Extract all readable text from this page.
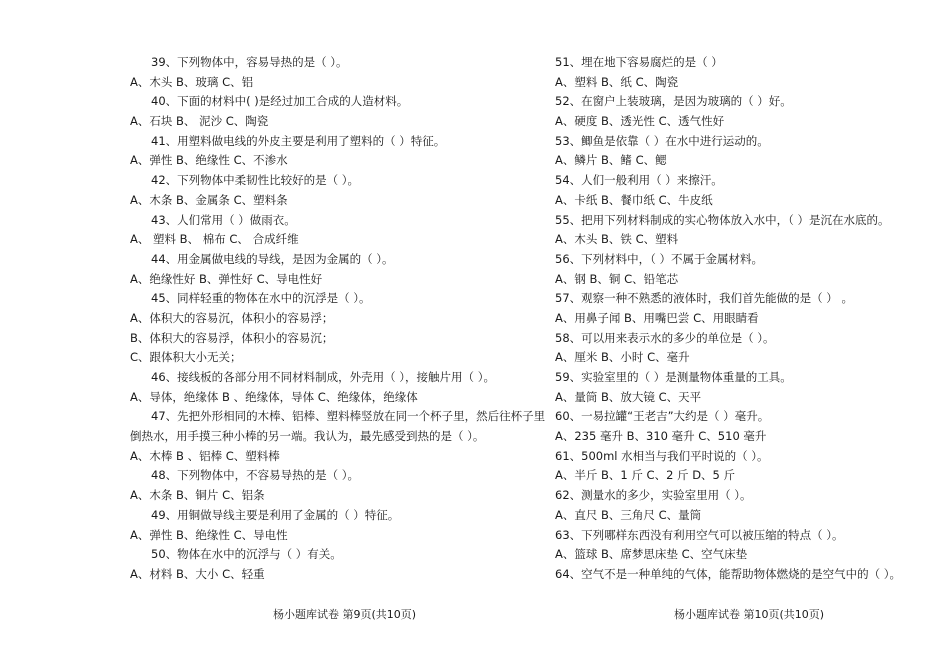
39、下列物体中，容易导热的是（ ）。
A、木头 B、玻璃 C、铝
40、下面的材料中( )是经过加工合成的人造材料。
A、石块 B、 泥沙 C、陶瓷
41、用塑料做电线的外皮主要是利用了塑料的（ ）特征。
A、弹性 B、绝缘性 C、不渗水
42、下列物体中柔韧性比较好的是（ ）。
A、木条 B、金属条 C、塑料条
43、人们常用（ ）做雨衣。
A、 塑料 B、 棉布 C、 合成纤维
44、用金属做电线的导线，是因为金属的（ ）。
A、绝缘性好 B、弹性好 C、导电性好
45、同样轻重的物体在水中的沉浮是（ ）。
A、体积大的容易沉，体积小的容易浮；
B、体积大的容易浮，体积小的容易沉；
C、跟体积大小无关；
46、接线板的各部分用不同材料制成，外壳用（ ），接触片用（ ）。
A、导体，绝缘体 B 、绝缘体，导体 C、绝缘体，绝缘体
47、先把外形相同的木棒、铝棒、塑料棒竖放在同一个杯子里，然后往杯子里
倒热水，用手摸三种小棒的另一端。我认为，最先感受到热的是（ ）。
A、木棒 B 、铝棒 C、塑料棒
48、下列物体中，不容易导热的是（ ）。
A、木条 B、铜片 C、铝条
49、用铜做导线主要是利用了金属的（ ）特征。
A、弹性 B、绝缘性 C、导电性
50、物体在水中的沉浮与（ ）有关。
A、材料 B、大小 C、轻重
51、埋在地下容易腐烂的是（ ）
A、塑料 B、纸 C、陶瓷
52、在窗户上装玻璃，是因为玻璃的（ ）好。
A、硬度 B、透光性 C、透气性好
53、鲫鱼是依靠（ ）在水中进行运动的。
A、鳞片 B、鳍 C、鳃
54、人们一般利用（ ）来擦汗。
A、卡纸 B、餐巾纸 C、牛皮纸
55、把用下列材料制成的实心物体放入水中，（ ）是沉在水底的。
A、木头 B、铁 C、塑料
56、下列材料中，（ ）不属于金属材料。
A、钢 B、铜 C、铅笔芯
57、观察一种不熟悉的液体时，我们首先能做的是（ ） 。
A、用鼻子闻 B、用嘴巴尝 C、用眼睛看
58、可以用来表示水的多少的单位是（ ）。
A、厘米 B、小时 C、毫升
59、实验室里的（ ）是测量物体重量的工具。
A、量筒 B、放大镜 C、天平
60、一易拉罐“王老吉”大约是（ ）毫升。
A、235 毫升 B、310 毫升 C、510 毫升
61、500ml 水相当与我们平时说的（ ）。
A、半斤 B、1 斤 C、2 斤 D、5 斤
62、测量水的多少，实验室里用（ ）。
A、直尺 B、三角尺 C、量筒
63、下列哪样东西没有利用空气可以被压缩的特点（ ）。
A、篮球 B、席梦思床垫 C、空气床垫
64、空气不是一种单纯的气体，能帮助物体燃烧的是空气中的（ ）。
杨小题库试卷 第9页(共10页)	杨小题库试卷 第10页(共10页)
